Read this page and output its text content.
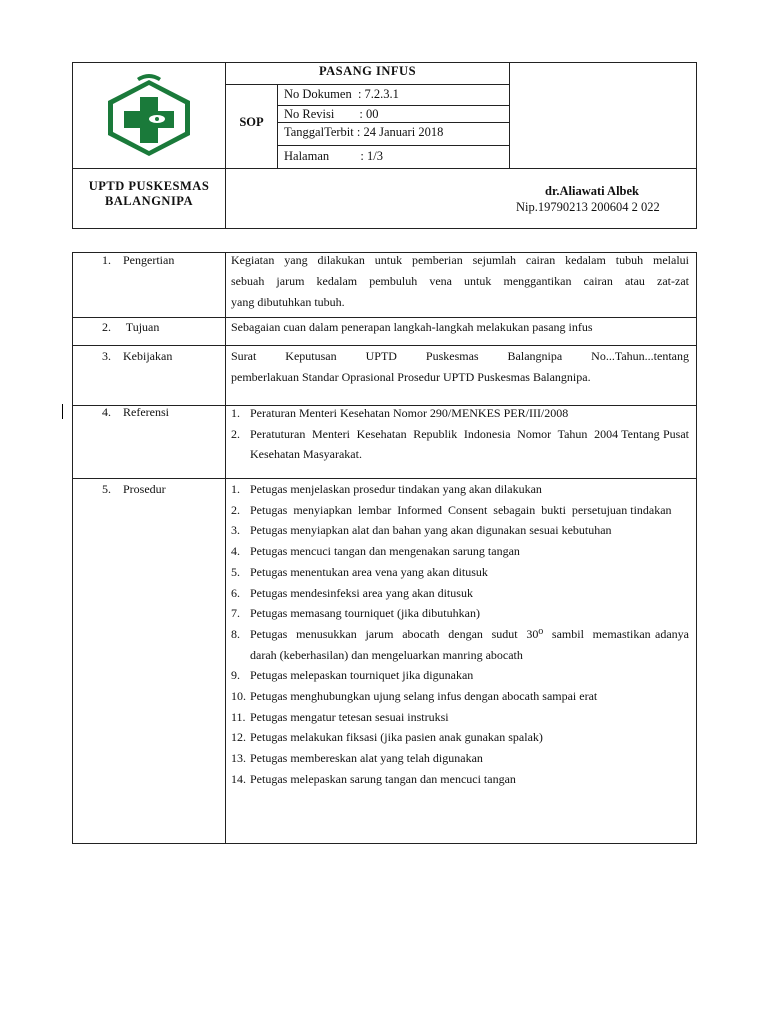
PASANG INFUS
SOP
No Dokumen  : 7.2.3.1
No Revisi        : 00
TanggalTerbit : 24 Januari 2018
Halaman          : 1/3
UPTD PUSKESMAS
BALANGNIPA
dr.Aliawati Albek
Nip.19790213 200604 2 022
1.    Pengertian	Kegiatan yang dilakukan untuk pemberian sejumlah cairan kedalam tubuh melalui
sebuah jarum kedalam pembuluh vena untuk menggantikan cairan atau zat-zat
yang dibutuhkan tubuh.
2.     Tujuan	Sebagaian cuan dalam penerapan langkah-langkah melakukan pasang infus
3.    Kebijakan	Surat   Keputusan   UPTD   Puskesmas   Balangnipa   No...Tahun...tentang
pemberlakuan Standar Oprasional Prosedur UPTD Puskesmas Balangnipa.
4.    Referensi	1. Peraturan Menteri Kesehatan Nomor 290/MENKES PER/III/2008
2. Peratuturan  Menteri  Kesehatan  Republik  Indonesia  Nomor  Tahun  2004 Tentang Pusat Kesehatan Masyarakat.
5.    Prosedur	1. Petugas menjelaskan prosedur tindakan yang akan dilakukan
2. Petugas  menyiapkan  lembar  Informed  Consent  sebagain  bukti  persetujuan tindakan
3. Petugas menyiapkan alat dan bahan yang akan digunakan sesuai kebutuhan
4. Petugas mencuci tangan dan mengenakan sarung tangan
5. Petugas menentukan area vena yang akan ditusuk
6. Petugas mendesinfeksi area yang akan ditusuk
7. Petugas memasang tourniquet (jika dibutuhkan)
8. Petugas  menusukkan  jarum  abocath  dengan  sudut  30⁰  sambil  memastikan adanya darah (keberhasilan) dan mengeluarkan manring abocath
9. Petugas melepaskan tourniquet jika digunakan
10. Petugas menghubungkan ujung selang infus dengan abocath sampai erat
11. Petugas mengatur tetesan sesuai instruksi
12. Petugas melakukan fiksasi (jika pasien anak gunakan spalak)
13. Petugas membereskan alat yang telah digunakan
14. Petugas melepaskan sarung tangan dan mencuci tangan
